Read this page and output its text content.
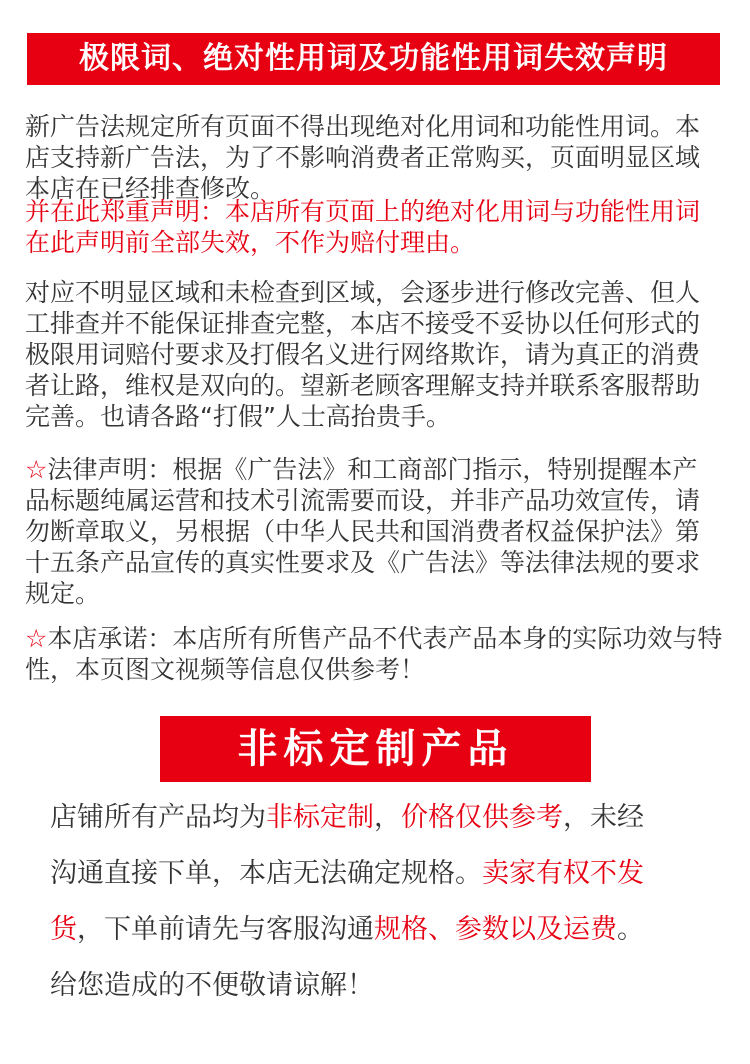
极限词、绝对性用词及功能性用词失效声明
新广告法规定所有页面不得出现绝对化用词和功能性用词。本
店支持新广告法，为了不影响消费者正常购买，页面明显区域
本店在已经排查修改。
并在此郑重声明：本店所有页面上的绝对化用词与功能性用词
在此声明前全部失效，不作为赔付理由。
对应不明显区域和未检查到区域，会逐步进行修改完善、但人
工排查并不能保证排查完整，本店不接受不妥协以任何形式的
极限用词赔付要求及打假名义进行网络欺诈，请为真正的消费
者让路，维权是双向的。望新老顾客理解支持并联系客服帮助
完善。也请各路“打假”人士高抬贵手。
☆法律声明：根据《广告法》和工商部门指示，特别提醒本产
品标题纯属运营和技术引流需要而设，并非产品功效宣传，请
勿断章取义，另根据（中华人民共和国消费者权益保护法》第
十五条产品宣传的真实性要求及《广告法》等法律法规的要求
规定。
☆本店承诺：本店所有所售产品不代表产品本身的实际功效与特
性，本页图文视频等信息仅供参考！
非标定制产品
店铺所有产品均为非标定制，价格仅供参考，未经
沟通直接下单，本店无法确定规格。卖家有权不发
货，下单前请先与客服沟通规格、参数以及运费。
给您造成的不便敬请谅解！
